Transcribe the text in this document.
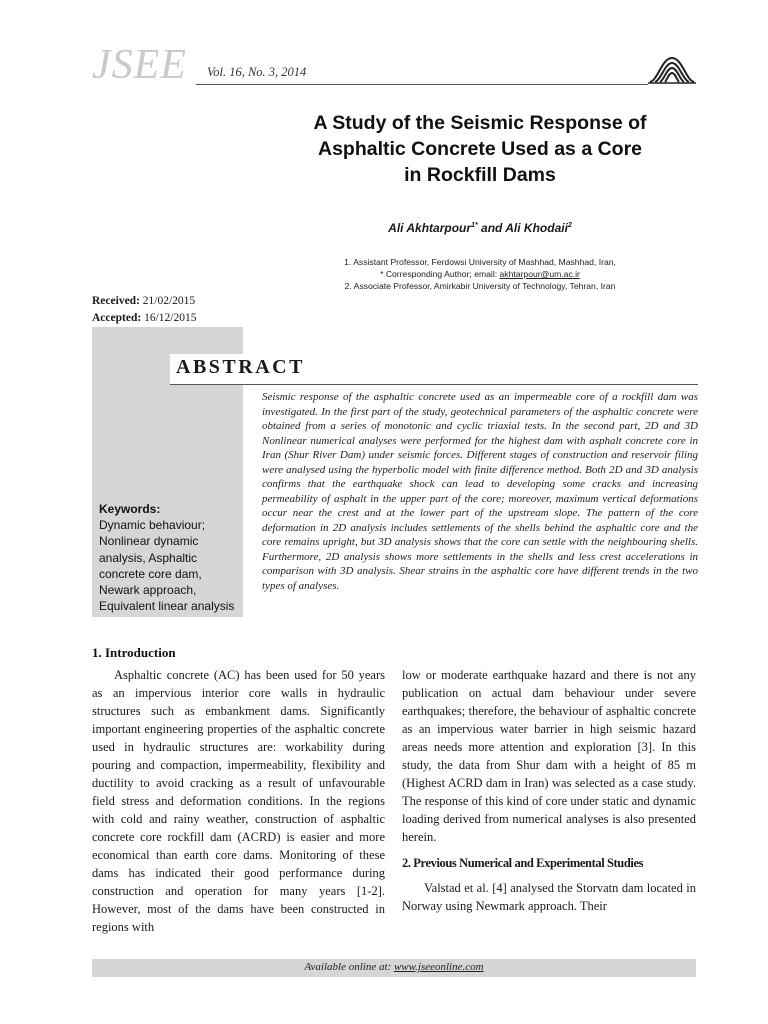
JSEE Vol. 16, No. 3, 2014
A Study of the Seismic Response of
Asphaltic Concrete Used as a Core
in Rockfill Dams
Ali Akhtarpour$^{1*}$ and Ali Khodaii$^2$
1. Assistant Professor, Ferdowsi University of Mashhad, Mashhad, Iran,
* Corresponding Author; email: akhtarpour@um.ac.ir
2. Associate Professor, Amirkabir University of Technology, Tehran, Iran
Received: 21/02/2015
Accepted: 16/12/2015
ABSTRACT
Seismic response of the asphaltic concrete used as an impermeable core of a rockfill dam was investigated. In the first part of the study, geotechnical parameters of the asphaltic concrete were obtained from a series of monotonic and cyclic triaxial tests. In the second part, 2D and 3D Nonlinear numerical analyses were performed for the highest dam with asphalt concrete core in Iran (Shur River Dam) under seismic forces. Different stages of construction and reservoir filing were analysed using the hyperbolic model with finite difference method. Both 2D and 3D analysis confirms that the earthquake shock can lead to developing some cracks and increasing permeability of asphalt in the upper part of the core; moreover, maximum vertical deformations occur near the crest and at the lower part of the upstream slope. The pattern of the core deformation in 2D analysis includes settlements of the shells behind the asphaltic core and the core remains upright, but 3D analysis shows that the core can settle with the neighbouring shells. Furthermore, 2D analysis shows more settlements in the shells and less crest accelerations in comparison with 3D analysis. Shear strains in the asphaltic core have different trends in the two types of analyses.
Keywords:
Dynamic behaviour;
Nonlinear dynamic analysis, Asphaltic concrete core dam,
Newark approach,
Equivalent linear analysis
1. Introduction

Asphaltic concrete (AC) has been used for 50 years as an impervious interior core walls in hydraulic structures such as embankment dams. Significantly important engineering properties of the asphaltic concrete used in hydraulic structures are: workability during pouring and compaction, impermeability, flexibility and ductility to avoid cracking as a result of unfavourable field stress and deformation conditions. In the regions with cold and rainy weather, construction of asphaltic concrete core rockfill dam (ACRD) is easier and more economical than earth core dams. Monitoring of these dams has indicated their good performance during construction and operation for many years [1-2]. However, most of the dams have been constructed in regions with

low or moderate earthquake hazard and there is not any publication on actual dam behaviour under severe earthquakes; therefore, the behaviour of asphaltic concrete as an impervious water barrier in high seismic hazard areas needs more attention and exploration [3]. In this study, the data from Shur dam with a height of 85 m (Highest ACRD dam in Iran) was selected as a case study. The response of this kind of core under static and dynamic loading derived from numerical analyses is also presented herein.

2. Previous Numerical and Experimental Studies

Valstad et al. [4] analysed the Storvatn dam located in Norway using Newmark approach. Their

Available online at: www.jseeonline.com
